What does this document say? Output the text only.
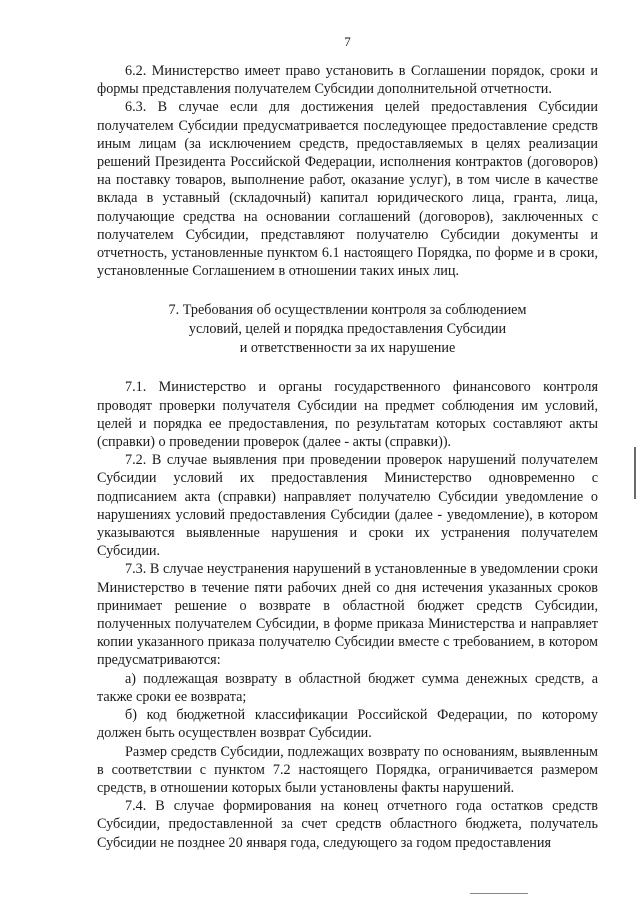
7

6.2. Министерство имеет право установить в Соглашении порядок, сроки и формы представления получателем Субсидии дополнительной отчетности.

6.3. В случае если для достижения целей предоставления Субсидии получателем Субсидии предусматривается последующее предоставление средств иным лицам (за исключением средств, предоставляемых в целях реализации решений Президента Российской Федерации, исполнения контрактов (договоров) на поставку товаров, выполнение работ, оказание услуг), в том числе в качестве вклада в уставный (складочный) капитал юридического лица, гранта, лица, получающие средства на основании соглашений (договоров), заключенных с получателем Субсидии, представляют получателю Субсидии документы и отчетность, установленные пунктом 6.1 настоящего Порядка, по форме и в сроки, установленные Соглашением в отношении таких иных лиц.

7. Требования об осуществлении контроля за соблюдением
условий, целей и порядка предоставления Субсидии
и ответственности за их нарушение

7.1. Министерство и органы государственного финансового контроля проводят проверки получателя Субсидии на предмет соблюдения им условий, целей и порядка ее предоставления, по результатам которых составляют акты (справки) о проведении проверок (далее - акты (справки)).

7.2. В случае выявления при проведении проверок нарушений получателем Субсидии условий их предоставления Министерство одновременно с подписанием акта (справки) направляет получателю Субсидии уведомление о нарушениях условий предоставления Субсидии (далее - уведомление), в котором указываются выявленные нарушения и сроки их устранения получателем Субсидии.

7.3. В случае неустранения нарушений в установленные в уведомлении сроки Министерство в течение пяти рабочих дней со дня истечения указанных сроков принимает решение о возврате в областной бюджет средств Субсидии, полученных получателем Субсидии, в форме приказа Министерства и направляет копии указанного приказа получателю Субсидии вместе с требованием, в котором предусматриваются:

а) подлежащая возврату в областной бюджет сумма денежных средств, а также сроки ее возврата;

б) код бюджетной классификации Российской Федерации, по которому должен быть осуществлен возврат Субсидии.

Размер средств Субсидии, подлежащих возврату по основаниям, выявленным в соответствии с пунктом 7.2 настоящего Порядка, ограничивается размером средств, в отношении которых были установлены факты нарушений.

7.4. В случае формирования на конец отчетного года остатков средств Субсидии, предоставленной за счет средств областного бюджета, получатель Субсидии не позднее 20 января года, следующего за годом предоставления
